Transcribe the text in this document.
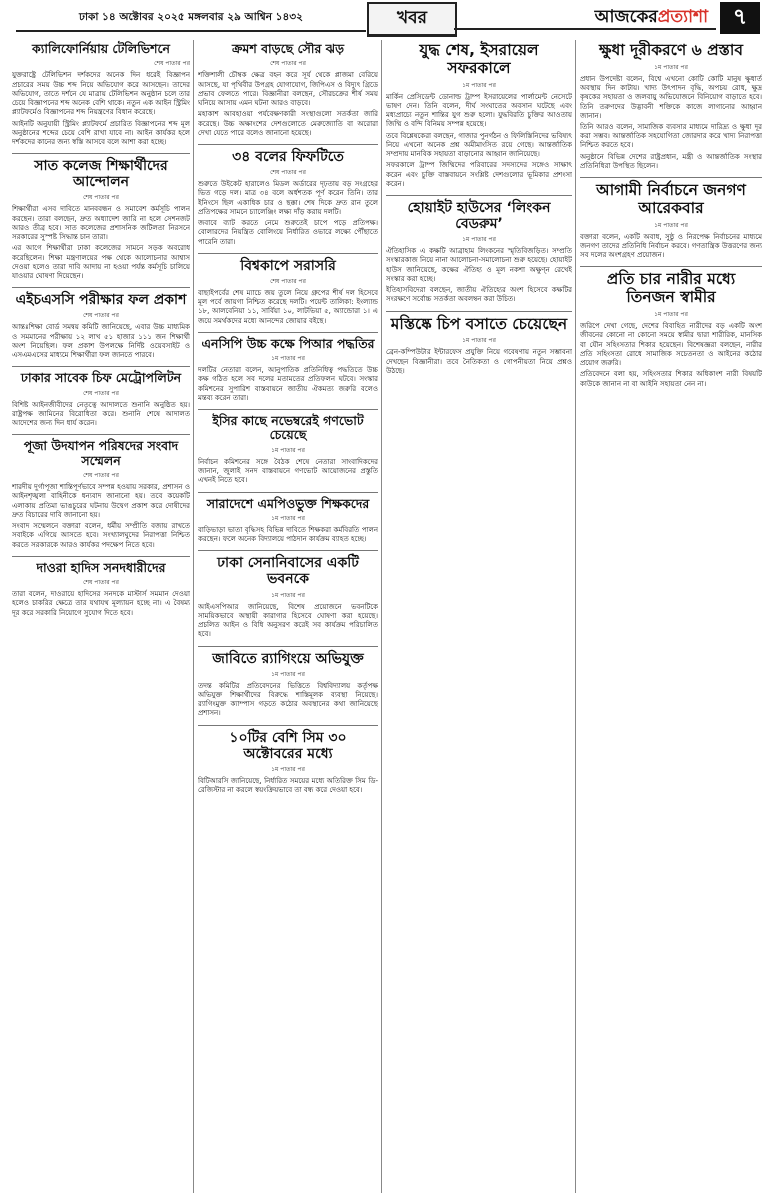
ঢাকা ১৪ অক্টোবর ২০২৫ মঙ্গলবার ২৯ আশ্বিন ১৪৩২	খবর	আজকেরপ্রত্যাশা	৭
ক্যালিফোর্নিয়ায় টেলিভিশনে
শেষ পাতার পর

যুক্তরাষ্ট্রে টেলিভিশন দর্শকদের অনেক দিন ধরেই বিজ্ঞাপন প্রচারের সময় উচ্চ শব্দ নিয়ে অভিযোগ করে আসছেন। তাদের অভিযোগ, তাতে দর্শনে যে মাত্রায় টেলিভিশন অনুষ্ঠান চলে তার চেয়ে বিজ্ঞাপনের শব্দ অনেক বেশি থাকে। নতুন এক আইন স্ট্রিমিং প্ল্যাটফর্মেও বিজ্ঞাপনের শব্দ নিয়ন্ত্রণের বিধান করেছে।

আইনটি অনুযায়ী স্ট্রিমিং প্ল্যাটফর্মে প্রচারিত বিজ্ঞাপনের শব্দ মূল অনুষ্ঠানের শব্দের চেয়ে বেশি রাখা যাবে না। আইন কার্যকর হলে দর্শকদের কানের জন্য স্বস্তি আসবে বলে আশা করা হচ্ছে।

সাত কলেজ শিক্ষার্থীদের আন্দোলন
শেষ পাতার পর

শিক্ষার্থীরা এসব দাবিতে মানববন্ধন ও সমাবেশ কর্মসূচি পালন করছেন। তারা বলছেন, দ্রুত অধ্যাদেশ জারি না হলে সেশনজট আরও তীব্র হবে। সাত কলেজের প্রশাসনিক জটিলতা নিরসনে সরকারের সুস্পষ্ট সিদ্ধান্ত চান তারা।

এর আগে শিক্ষার্থীরা ঢাকা কলেজের সামনে সড়ক অবরোধ করেছিলেন। শিক্ষা মন্ত্রণালয়ের পক্ষ থেকে আলোচনার আশ্বাস দেওয়া হলেও তারা দাবি আদায় না হওয়া পর্যন্ত কর্মসূচি চালিয়ে যাওয়ার ঘোষণা দিয়েছেন।

এইচএসসি পরীক্ষার ফল প্রকাশ
শেষ পাতার পর

আন্তঃশিক্ষা বোর্ড সমন্বয় কমিটি জানিয়েছে, এবার উচ্চ মাধ্যমিক ও সমমানের পরীক্ষায় ১২ লাখ ৫১ হাজার ১১১ জন শিক্ষার্থী অংশ নিয়েছিল। ফল প্রকাশ উপলক্ষে নির্দিষ্ট ওয়েবসাইট ও এসএমএসের মাধ্যমে শিক্ষার্থীরা ফল জানতে পারবে।

ঢাকার সাবেক চিফ মেট্রোপলিটন
শেষ পাতার পর

বিশিষ্ট আইনজীবীদের নেতৃত্বে আদালতে শুনানি অনুষ্ঠিত হয়। রাষ্ট্রপক্ষ জামিনের বিরোধিতা করে। শুনানি শেষে আদালত আদেশের জন্য দিন ধার্য করেন।

পূজা উদযাপন পরিষদের সংবাদ সম্মেলন
শেষ পাতার পর

শারদীয় দুর্গাপূজা শান্তিপূর্ণভাবে সম্পন্ন হওয়ায় সরকার, প্রশাসন ও আইনশৃঙ্খলা বাহিনীকে ধন্যবাদ জানানো হয়। তবে কয়েকটি এলাকায় প্রতিমা ভাঙচুরের ঘটনায় উদ্বেগ প্রকাশ করে দোষীদের দ্রুত বিচারের দাবি জানানো হয়।

সংবাদ সম্মেলনে বক্তারা বলেন, ধর্মীয় সম্প্রীতি বজায় রাখতে সবাইকে এগিয়ে আসতে হবে। সংখ্যালঘুদের নিরাপত্তা নিশ্চিত করতে সরকারকে আরও কার্যকর পদক্ষেপ নিতে হবে।

দাওরা হাদিস সনদধারীদের
শেষ পাতার পর

তারা বলেন, দাওরায়ে হাদিসের সনদকে মাস্টার্স সমমান দেওয়া হলেও চাকরির ক্ষেত্রে তার যথাযথ মূল্যায়ন হচ্ছে না। এ বৈষম্য দূর করে সরকারি নিয়োগে সুযোগ দিতে হবে।

ক্রমশ বাড়ছে সৌর ঝড়
শেষ পাতার পর

শক্তিশালী চৌম্বক ক্ষেত্র বহন করে সূর্য থেকে প্লাজমা বেরিয়ে আসছে, যা পৃথিবীর উপগ্রহ যোগাযোগ, জিপিএস ও বিদ্যুৎ গ্রিডে প্রভাব ফেলতে পারে। বিজ্ঞানীরা বলছেন, সৌরচক্রের শীর্ষ সময় ঘনিয়ে আসায় এমন ঘটনা আরও বাড়বে।

মহাকাশ আবহাওয়া পর্যবেক্ষণকারী সংস্থাগুলো সতর্কতা জারি করেছে। উচ্চ অক্ষাংশের দেশগুলোতে মেরুজ্যোতি বা অরোরা দেখা যেতে পারে বলেও জানানো হয়েছে।

৩৪ বলের ফিফটিতে
শেষ পাতার পর

শুরুতে উইকেট হারালেও মিডল অর্ডারের দৃঢ়তায় বড় সংগ্রহের ভিত গড়ে দল। মাত্র ৩৪ বলে অর্ধশতক পূর্ণ করেন তিনি। তার ইনিংসে ছিল একাধিক চার ও ছক্কা। শেষ দিকে দ্রুত রান তুলে প্রতিপক্ষের সামনে চ্যালেঞ্জিং লক্ষ্য দাঁড় করায় দলটি।

জবাবে ব্যাট করতে নেমে শুরুতেই চাপে পড়ে প্রতিপক্ষ। বোলারদের নিয়ন্ত্রিত বোলিংয়ে নির্ধারিত ওভারে লক্ষ্যে পৌঁছাতে পারেনি তারা।

বিশ্বকাপে সরাসরি
শেষ পাতার পর

বাছাইপর্বের শেষ ম্যাচে জয় তুলে নিয়ে গ্রুপের শীর্ষ দল হিসেবে মূল পর্বে জায়গা নিশ্চিত করেছে দলটি। পয়েন্ট তালিকা: ইংল্যান্ড ১৮, আলবেনিয়া ১১, সার্বিয়া ১০, লাটভিয়া ৫, অ্যান্ডোরা ১। এ জয়ে সমর্থকদের মধ্যে আনন্দের জোয়ার বইছে।

এনসিপি উচ্চ কক্ষে পিআর পদ্ধতির
১ম পাতার পর

দলটির নেতারা বলেন, আনুপাতিক প্রতিনিধিত্ব পদ্ধতিতে উচ্চ কক্ষ গঠিত হলে সব দলের মতামতের প্রতিফলন ঘটবে। সংস্কার কমিশনের সুপারিশ বাস্তবায়নে জাতীয় ঐকমত্য জরুরি বলেও মন্তব্য করেন তারা।

ইসির কাছে নভেম্বরেই গণভোট চেয়েছে
১ম পাতার পর

নির্বাচন কমিশনের সঙ্গে বৈঠক শেষে নেতারা সাংবাদিকদের জানান, জুলাই সনদ বাস্তবায়নে গণভোট আয়োজনের প্রস্তুতি এখনই নিতে হবে।

সারাদেশে এমপিওভুক্ত শিক্ষকদের
১ম পাতার পর

বাড়িভাড়া ভাতা বৃদ্ধিসহ বিভিন্ন দাবিতে শিক্ষকরা কর্মবিরতি পালন করছেন। ফলে অনেক বিদ্যালয়ে পাঠদান কার্যক্রম ব্যাহত হচ্ছে।

ঢাকা সেনানিবাসের একটি ভবনকে
১ম পাতার পর

আইএসপিআর জানিয়েছে, বিশেষ প্রয়োজনে ভবনটিকে সাময়িকভাবে অস্থায়ী কারাগার হিসেবে ঘোষণা করা হয়েছে। প্রচলিত আইন ও বিধি অনুসরণ করেই সব কার্যক্রম পরিচালিত হবে।

জাবিতে র‍্যাগিংয়ে অভিযুক্ত
১ম পাতার পর

তদন্ত কমিটির প্রতিবেদনের ভিত্তিতে বিশ্ববিদ্যালয় কর্তৃপক্ষ অভিযুক্ত শিক্ষার্থীদের বিরুদ্ধে শাস্তিমূলক ব্যবস্থা নিয়েছে। র‍্যাগিংমুক্ত ক্যাম্পাস গড়তে কঠোর অবস্থানের কথা জানিয়েছে প্রশাসন।

১০টির বেশি সিম ৩০ অক্টোবরের মধ্যে
১ম পাতার পর

বিটিআরসি জানিয়েছে, নির্ধারিত সময়ের মধ্যে অতিরিক্ত সিম ডি-রেজিস্টার না করলে স্বয়ংক্রিয়ভাবে তা বন্ধ করে দেওয়া হবে।

যুদ্ধ শেষ, ইসরায়েল সফরকালে
১ম পাতার পর

মার্কিন প্রেসিডেন্ট ডোনাল্ড ট্রাম্প ইসরায়েলের পার্লামেন্ট নেসেটে ভাষণ দেন। তিনি বলেন, দীর্ঘ সংঘাতের অবসান ঘটেছে এবং মধ্যপ্রাচ্যে নতুন শান্তির যুগ শুরু হলো। যুদ্ধবিরতি চুক্তির আওতায় জিম্মি ও বন্দি বিনিময় সম্পন্ন হয়েছে।

তবে বিশ্লেষকেরা বলছেন, গাজার পুনর্গঠন ও ফিলিস্তিনিদের ভবিষ্যৎ নিয়ে এখনো অনেক প্রশ্ন অমীমাংসিত রয়ে গেছে। আন্তর্জাতিক সম্প্রদায় মানবিক সহায়তা বাড়ানোর আহ্বান জানিয়েছে।

সফরকালে ট্রাম্প জিম্মিদের পরিবারের সদস্যদের সঙ্গেও সাক্ষাৎ করেন এবং চুক্তি বাস্তবায়নে সংশ্লিষ্ট দেশগুলোর ভূমিকার প্রশংসা করেন।

হোয়াইট হাউসের ‘লিংকন বেডরুম’
১ম পাতার পর

ঐতিহাসিক এ কক্ষটি আব্রাহাম লিংকনের স্মৃতিবিজড়িত। সম্প্রতি সংস্কারকাজ নিয়ে নানা আলোচনা-সমালোচনা শুরু হয়েছে। হোয়াইট হাউস জানিয়েছে, কক্ষের ঐতিহ্য ও মূল নকশা অক্ষুণ্ন রেখেই সংস্কার করা হচ্ছে।

ইতিহাসবিদেরা বলছেন, জাতীয় ঐতিহ্যের অংশ হিসেবে কক্ষটির সংরক্ষণে সর্বোচ্চ সতর্কতা অবলম্বন করা উচিত।

মস্তিষ্কে চিপ বসাতে চেয়েছেন
১ম পাতার পর

ব্রেন-কম্পিউটার ইন্টারফেস প্রযুক্তি নিয়ে গবেষণায় নতুন সম্ভাবনা দেখছেন বিজ্ঞানীরা। তবে নৈতিকতা ও গোপনীয়তা নিয়ে প্রশ্নও উঠছে।

ক্ষুধা দূরীকরণে ৬ প্রস্তাব
১ম পাতার পর

প্রধান উপদেষ্টা বলেন, বিশ্বে এখনো কোটি কোটি মানুষ ক্ষুধার্ত অবস্থায় দিন কাটায়। খাদ্য উৎপাদন বৃদ্ধি, অপচয় রোধ, ক্ষুদ্র কৃষকের সহায়তা ও জলবায়ু অভিযোজনে বিনিয়োগ বাড়াতে হবে। তিনি তরুণদের উদ্ভাবনী শক্তিকে কাজে লাগানোর আহ্বান জানান।

তিনি আরও বলেন, সামাজিক ব্যবসার মাধ্যমে দারিদ্র্য ও ক্ষুধা দূর করা সম্ভব। আন্তর্জাতিক সহযোগিতা জোরদার করে খাদ্য নিরাপত্তা নিশ্চিত করতে হবে।

অনুষ্ঠানে বিভিন্ন দেশের রাষ্ট্রপ্রধান, মন্ত্রী ও আন্তর্জাতিক সংস্থার প্রতিনিধিরা উপস্থিত ছিলেন।

আগামী নির্বাচনে জনগণ আরেকবার
১ম পাতার পর

বক্তারা বলেন, একটি অবাধ, সুষ্ঠু ও নিরপেক্ষ নির্বাচনের মাধ্যমে জনগণ তাদের প্রতিনিধি নির্বাচন করবে। গণতান্ত্রিক উত্তরণের জন্য সব দলের অংশগ্রহণ প্রয়োজন।

প্রতি চার নারীর মধ্যে তিনজন স্বামীর
১ম পাতার পর

জরিপে দেখা গেছে, দেশের বিবাহিত নারীদের বড় একটি অংশ জীবনের কোনো না কোনো সময়ে স্বামীর দ্বারা শারীরিক, মানসিক বা যৌন সহিংসতার শিকার হয়েছেন। বিশেষজ্ঞরা বলছেন, নারীর প্রতি সহিংসতা রোধে সামাজিক সচেতনতা ও আইনের কঠোর প্রয়োগ জরুরি।

প্রতিবেদনে বলা হয়, সহিংসতার শিকার অধিকাংশ নারী বিষয়টি কাউকে জানান না বা আইনি সহায়তা নেন না।
